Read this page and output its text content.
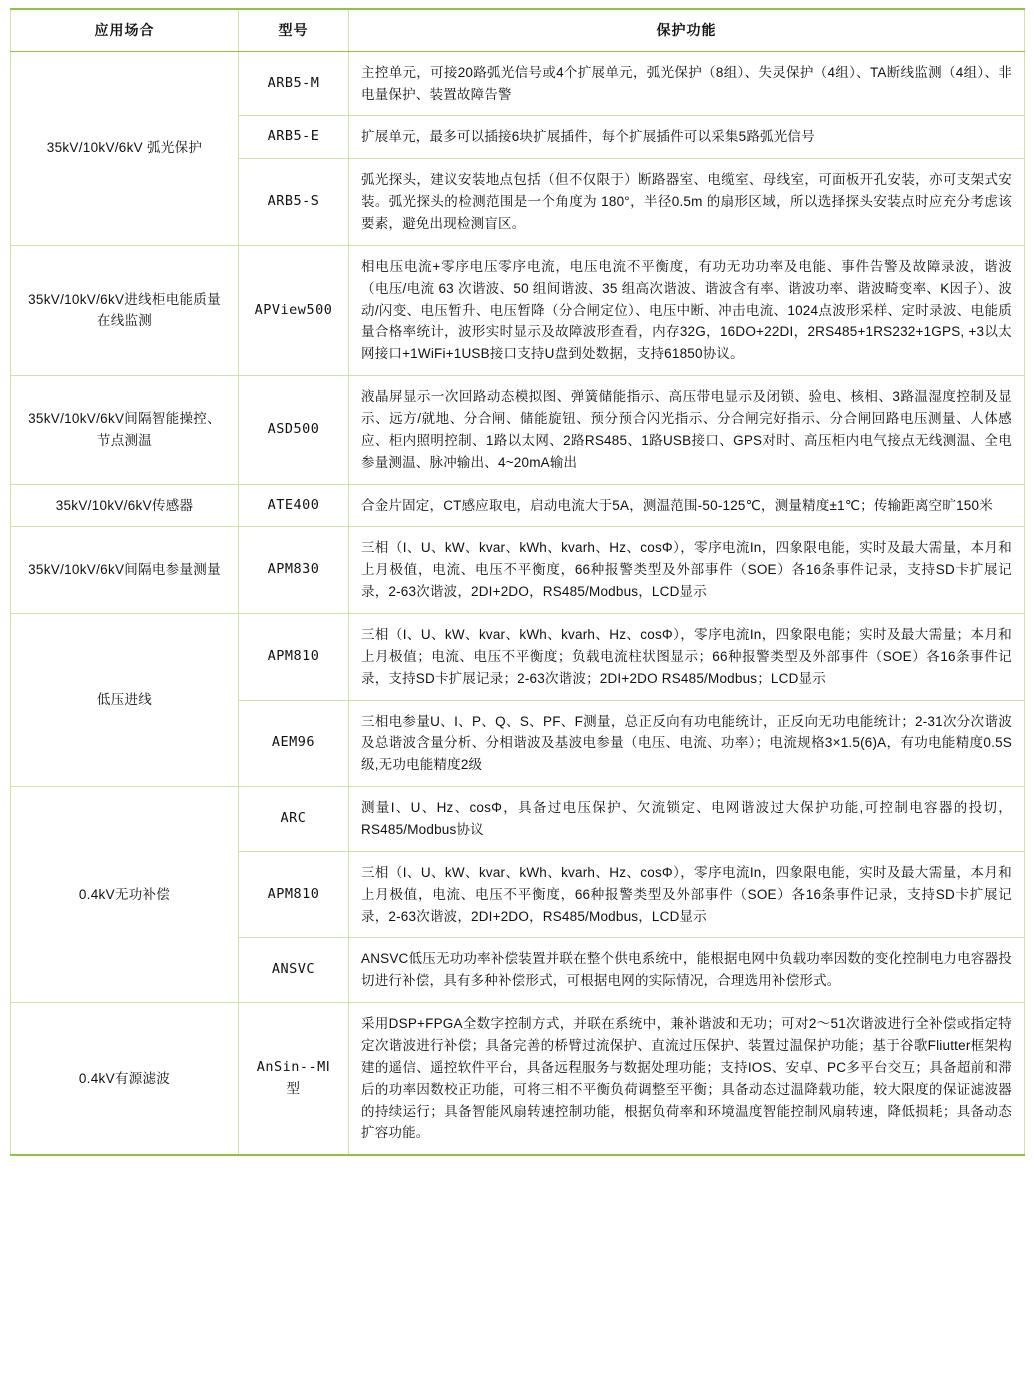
应用场合	型号	保护功能
35kV/10kV/6kV 弧光保护	ARB5-M	主控单元，可接20路弧光信号或4个扩展单元，弧光保护（8组）、失灵保护（4组）、TA断线监测（4组）、非电量保护、装置故障告警
	ARB5-E	扩展单元，最多可以插接6块扩展插件，每个扩展插件可以采集5路弧光信号
	ARB5-S	弧光探头，建议安装地点包括（但不仅限于）断路器室、电缆室、母线室，可面板开孔安装，亦可支架式安装。弧光探头的检测范围是一个角度为 180°，半径0.5m 的扇形区域，所以选择探头安装点时应充分考虑该要素，避免出现检测盲区。
35kV/10kV/6kV进线柜电能质量在线监测	APView500	相电压电流+零序电压零序电流，电压电流不平衡度，有功无功功率及电能、事件告警及故障录波，谐波（电压/电流 63 次谐波、50 组间谐波、35 组高次谐波、谐波含有率、谐波功率、谐波畸变率、K因子）、波动/闪变、电压暂升、电压暂降（分合闸定位）、电压中断、冲击电流、1024点波形采样、定时录波、电能质量合格率统计，波形实时显示及故障波形查看，内存32G，16DO+22DI，2RS485+1RS232+1GPS, +3以太网接口+1WiFi+1USB接口支持U盘到处数据，支持61850协议。
35kV/10kV/6kV间隔智能操控、节点测温	ASD500	液晶屏显示一次回路动态模拟图、弹簧储能指示、高压带电显示及闭锁、验电、核相、3路温湿度控制及显示、远方/就地、分合闸、储能旋钮、预分预合闪光指示、分合闸完好指示、分合闸回路电压测量、人体感应、柜内照明控制、1路以太网、2路RS485、1路USB接口、GPS对时、高压柜内电气接点无线测温、全电参量测温、脉冲输出、4~20mA输出
35kV/10kV/6kV传感器	ATE400	合金片固定，CT感应取电，启动电流大于5A，测温范围-50-125℃，测量精度±1℃；传输距离空旷150米
35kV/10kV/6kV间隔电参量测量	APM830	三相（I、U、kW、kvar、kWh、kvarh、Hz、cosΦ），零序电流In，四象限电能，实时及最大需量，本月和上月极值，电流、电压不平衡度，66种报警类型及外部事件（SOE）各16条事件记录，支持SD卡扩展记录，2-63次谐波，2DI+2DO，RS485/Modbus，LCD显示
低压进线	APM810	三相（I、U、kW、kvar、kWh、kvarh、Hz、cosΦ），零序电流In，四象限电能；实时及最大需量；本月和上月极值；电流、电压不平衡度；负载电流柱状图显示；66种报警类型及外部事件（SOE）各16条事件记录，支持SD卡扩展记录；2-63次谐波；2DI+2DO RS485/Modbus；LCD显示
	AEM96	三相电参量U、I、P、Q、S、PF、F测量，总正反向有功电能统计，正反向无功电能统计；2-31次分次谐波及总谐波含量分析、分相谐波及基波电参量（电压、电流、功率）；电流规格3×1.5(6)A，有功电能精度0.5S级,无功电能精度2级
0.4kV无功补偿	ARC	测量I、U、Hz、cosΦ，具备过电压保护、欠流锁定、电网谐波过大保护功能,可控制电容器的投切，RS485/Modbus协议
	APM810	三相（I、U、kW、kvar、kWh、kvarh、Hz、cosΦ），零序电流In，四象限电能，实时及最大需量，本月和上月极值，电流、电压不平衡度，66种报警类型及外部事件（SOE）各16条事件记录，支持SD卡扩展记录，2-63次谐波，2DI+2DO，RS485/Modbus，LCD显示
	ANSVC	ANSVC低压无功功率补偿装置并联在整个供电系统中，能根据电网中负载功率因数的变化控制电力电容器投切进行补偿，具有多种补偿形式，可根据电网的实际情况，合理选用补偿形式。
0.4kV有源滤波	AnSin--MⅠ型	采用DSP+FPGA全数字控制方式，并联在系统中，兼补谐波和无功；可对2～51次谐波进行全补偿或指定特定次谐波进行补偿；具备完善的桥臂过流保护、直流过压保护、装置过温保护功能；基于谷歌Fliutter框架构建的遥信、遥控软件平台，具备远程服务与数据处理功能；支持IOS、安卓、PC多平台交互；具备超前和滞后的功率因数校正功能，可将三相不平衡负荷调整至平衡；具备动态过温降载功能，较大限度的保证滤波器的持续运行；具备智能风扇转速控制功能，根据负荷率和环境温度智能控制风扇转速，降低损耗；具备动态扩容功能。
